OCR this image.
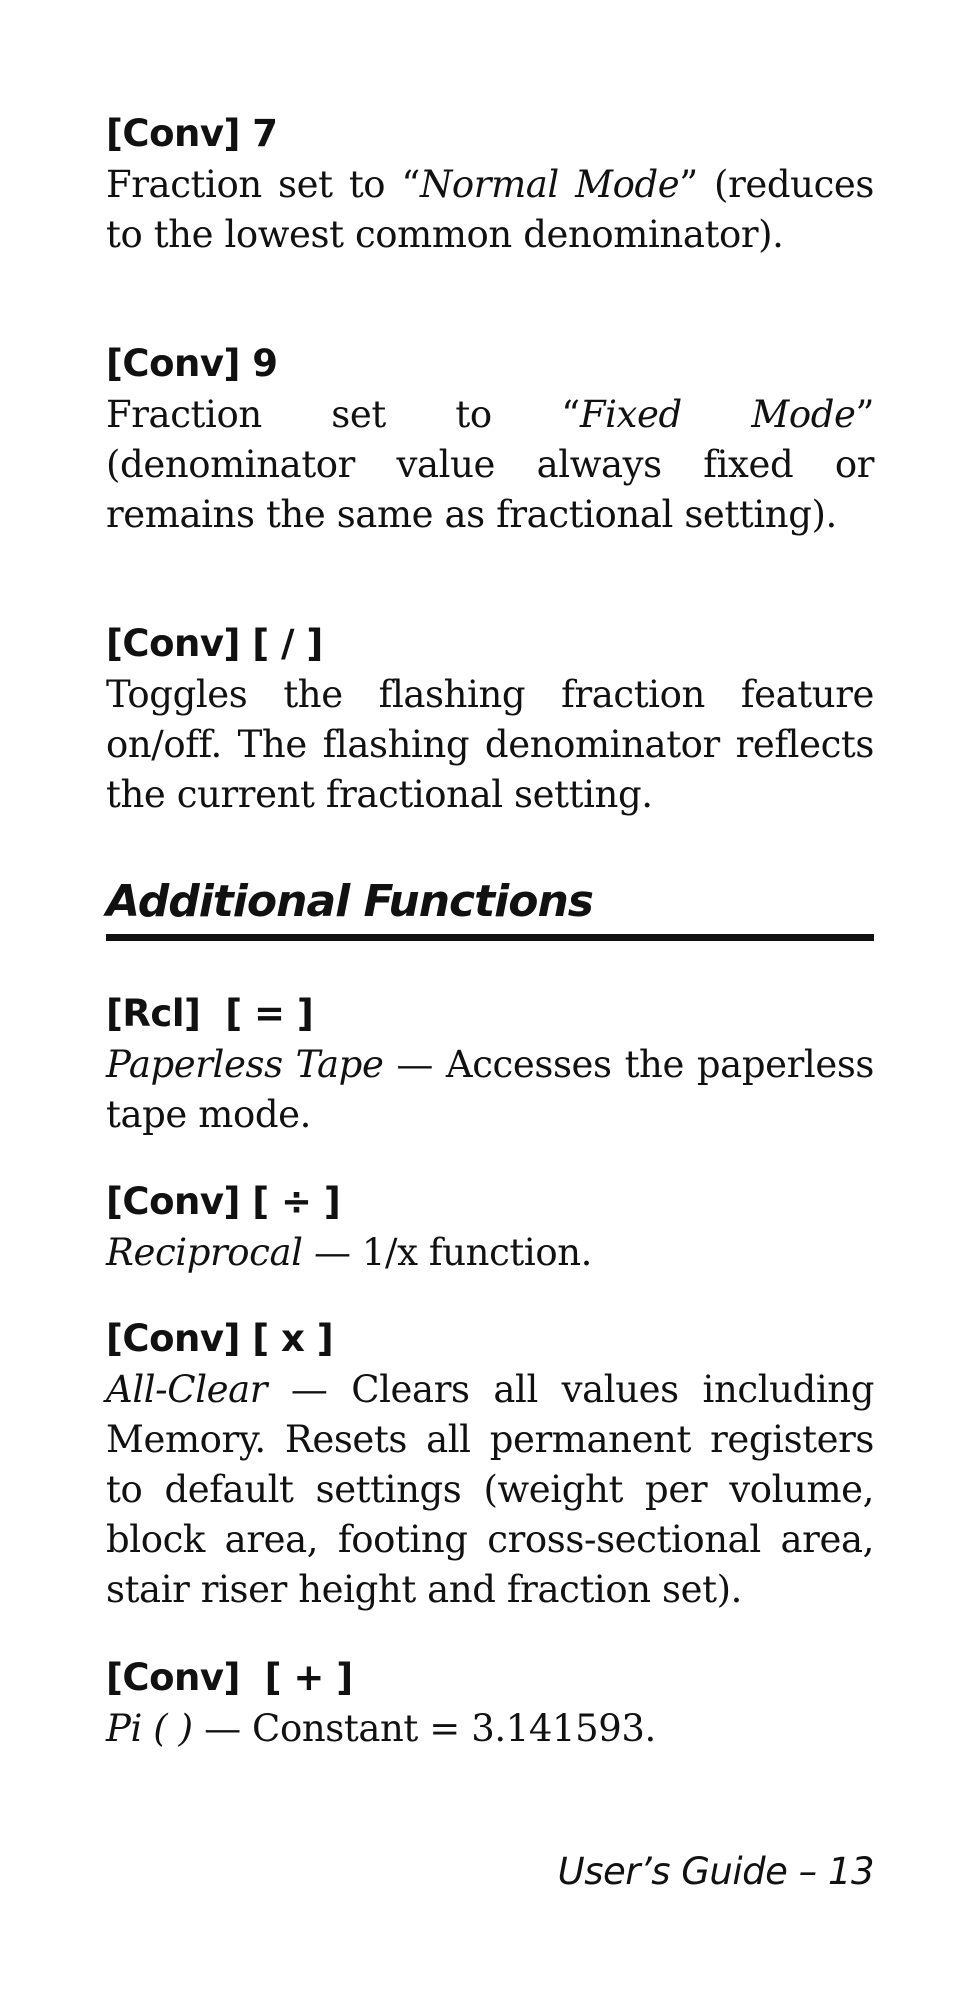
[Conv] 7

Fraction set to “Normal Mode” (reduces to the lowest common denominator).

[Conv] 9

Fraction set to “Fixed Mode” (denominator value always fixed or remains the same as fractional setting).

[Conv] [ / ]

Toggles the flashing fraction feature on/off. The flashing denominator reflects the current fractional setting.

Additional Functions

[Rcl]  [ = ]

Paperless Tape — Accesses the paperless tape mode.

[Conv] [ ÷ ]

Reciprocal — 1/x function.

[Conv] [ x ]

All-Clear — Clears all values including Memory. Resets all permanent registers to default settings (weight per volume, block area, footing cross-sectional area, stair riser height and fraction set).

[Conv]  [ + ]

Pi ( ) — Constant = 3.141593.

User’s Guide – 13
